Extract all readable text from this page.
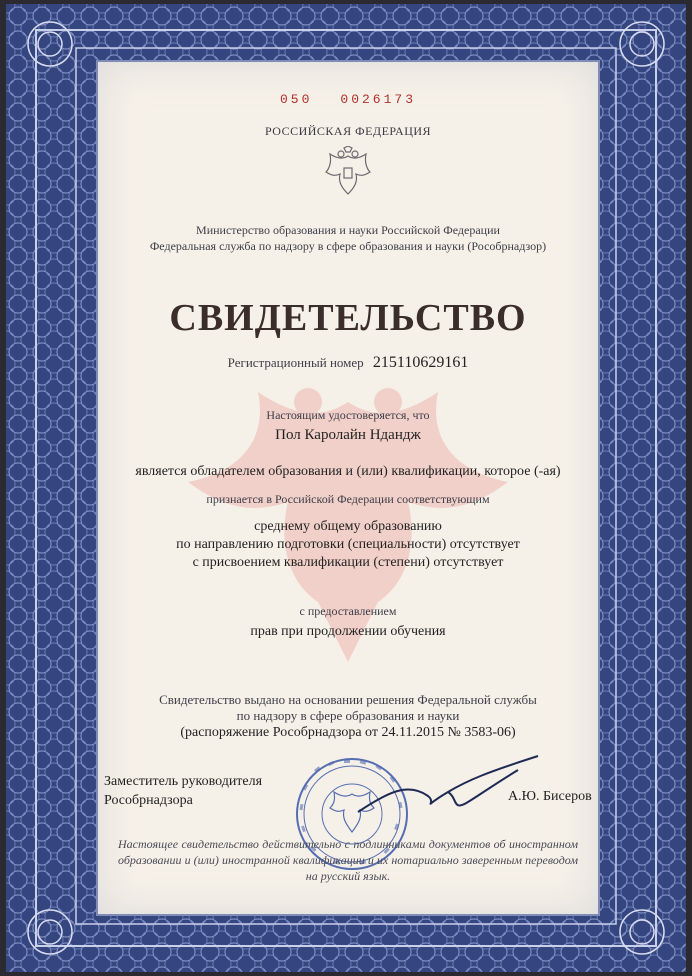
050 0026173
РОССИЙСКАЯ ФЕДЕРАЦИЯ
Министерство образования и науки Российской Федерации
Федеральная служба по надзору в сфере образования и науки (Рособрнадзор)
СВИДЕТЕЛЬСТВО
Регистрационный номер 215110629161
Настоящим удостоверяется, что
Пол Каролайн Ндандж
является обладателем образования и (или) квалификации, которое (-ая)
признается в Российской Федерации соответствующим
среднему общему образованию
по направлению подготовки (специальности) отсутствует
с присвоением квалификации (степени) отсутствует
с предоставлением
прав при продолжении обучения
Свидетельство выдано на основании решения Федеральной службы
по надзору в сфере образования и науки
(распоряжение Рособрнадзора от 24.11.2015 № 3583-06)
Заместитель руководителя
Рособрнадзора	А.Ю. Бисеров
Настоящее свидетельство действительно с подлинниками документов об иностранном образовании и (или) иностранной квалификации и их нотариально заверенным переводом на русский язык.
